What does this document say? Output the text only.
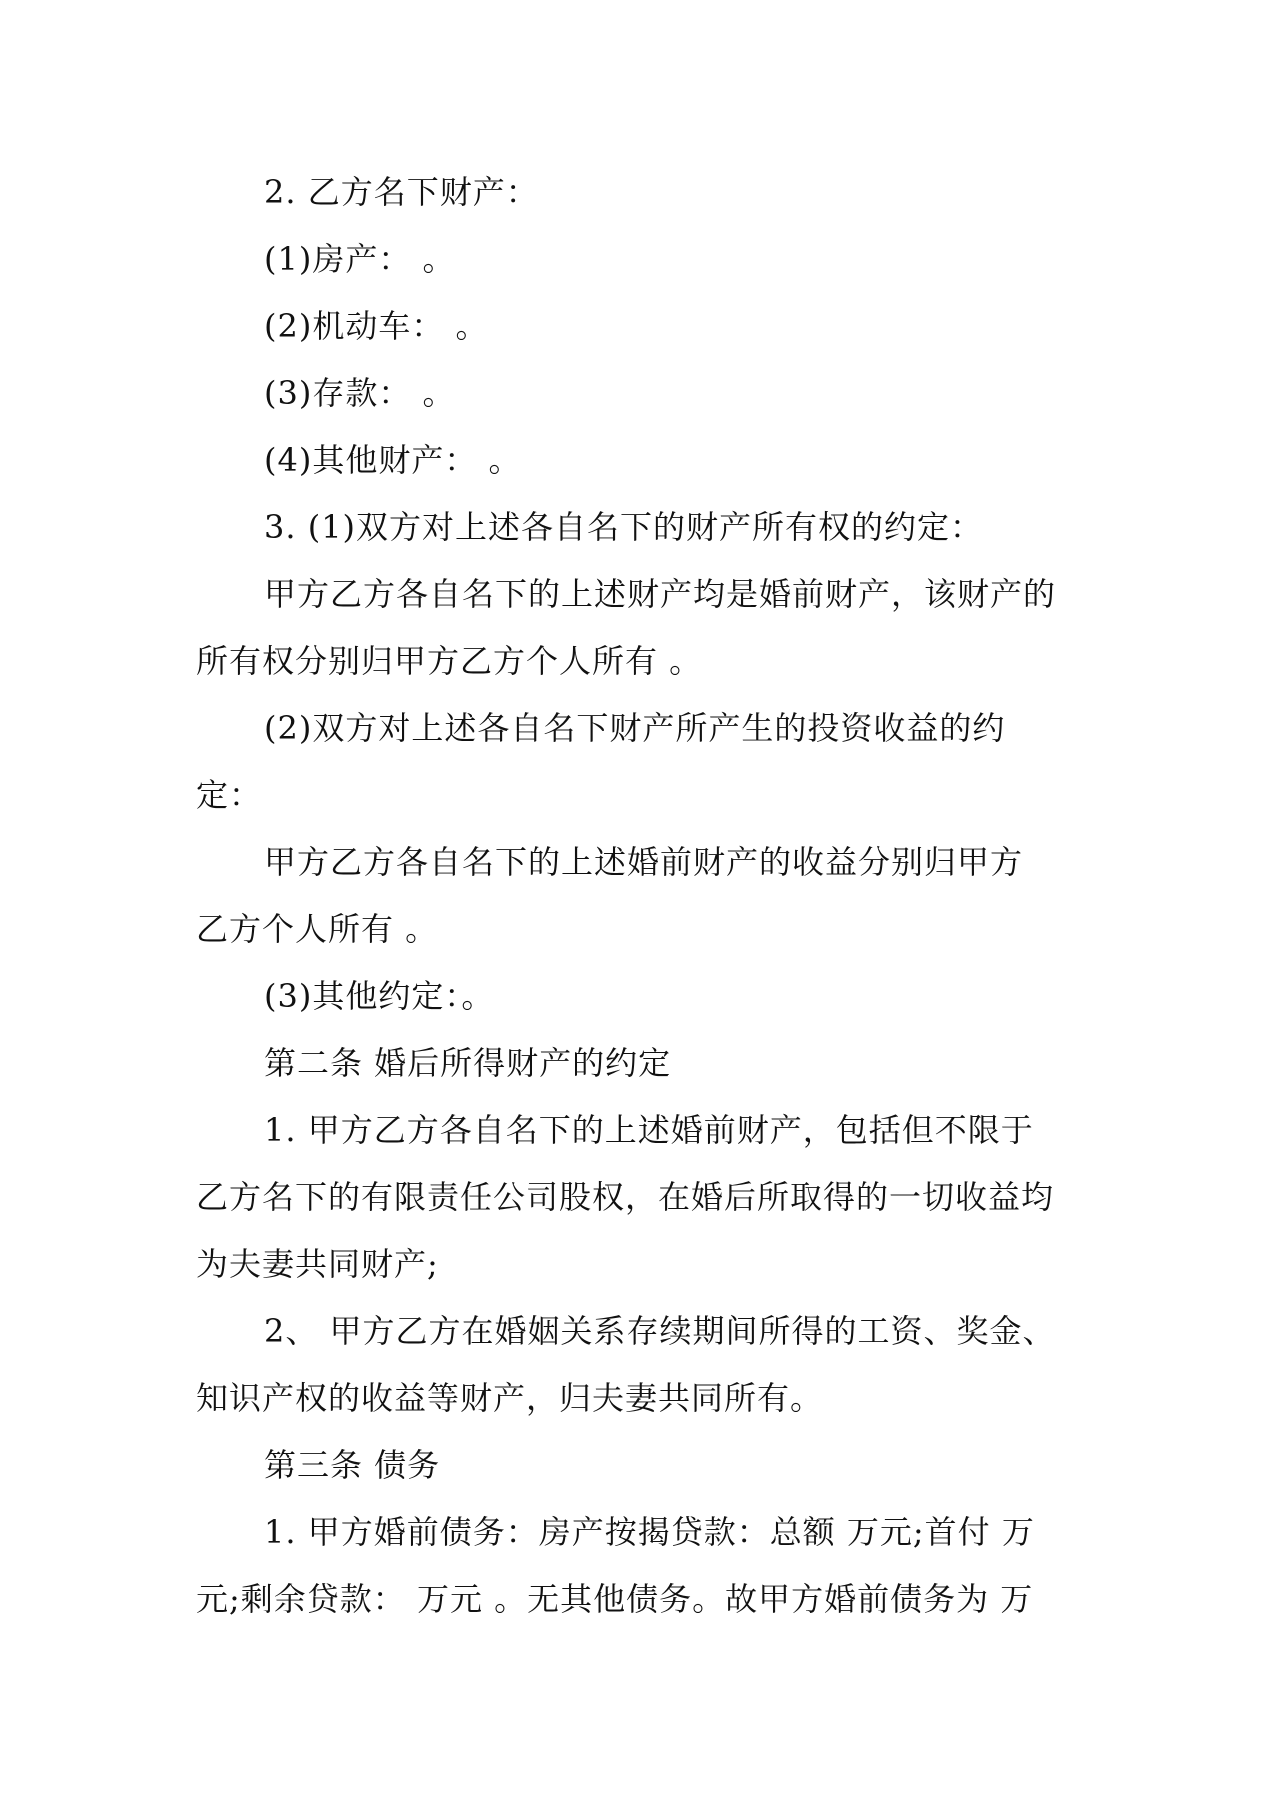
2. 乙方名下财产：

(1)房产： 。

(2)机动车： 。

(3)存款： 。

(4)其他财产： 。

3. (1)双方对上述各自名下的财产所有权的约定：

甲方乙方各自名下的上述财产均是婚前财产，该财产的

所有权分别归甲方乙方个人所有 。

(2)双方对上述各自名下财产所产生的投资收益的约

定：

甲方乙方各自名下的上述婚前财产的收益分别归甲方

乙方个人所有 。

(3)其他约定：。

第二条 婚后所得财产的约定

1. 甲方乙方各自名下的上述婚前财产，包括但不限于

乙方名下的有限责任公司股权，在婚后所取得的一切收益均

为夫妻共同财产;

2、 甲方乙方在婚姻关系存续期间所得的工资、奖金、

知识产权的收益等财产，归夫妻共同所有。

第三条 债务

1. 甲方婚前债务：房产按揭贷款：总额 万元;首付 万

元;剩余贷款： 万元 。无其他债务。故甲方婚前债务为 万
